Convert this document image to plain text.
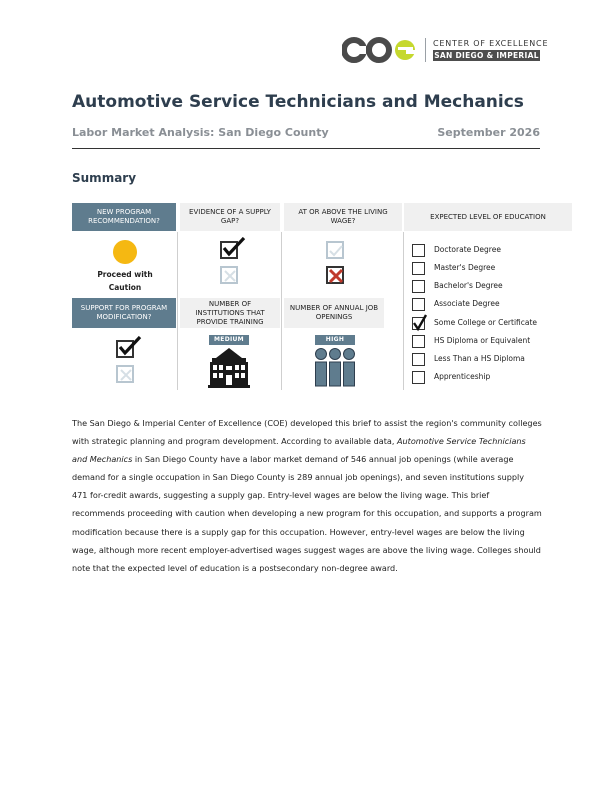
CENTER OF EXCELLENCE
SAN DIEGO & IMPERIAL
Automotive Service Technicians and Mechanics
Labor Market Analysis: San Diego County	September 2026
Summary
NEW PROGRAM RECOMMENDATION?
EVIDENCE OF A SUPPLY GAP?
AT OR ABOVE THE LIVING WAGE?
EXPECTED LEVEL OF EDUCATION
Proceed with Caution
SUPPORT FOR PROGRAM MODIFICATION?
NUMBER OF INSTITUTIONS THAT PROVIDE TRAINING
NUMBER OF ANNUAL JOB OPENINGS
MEDIUM	HIGH
Doctorate Degree
Master's Degree
Bachelor's Degree
Associate Degree
Some College or Certificate
HS Diploma or Equivalent
Less Than a HS Diploma
Apprenticeship
The San Diego & Imperial Center of Excellence (COE) developed this brief to assist the region's community colleges with strategic planning and program development. According to available data, Automotive Service Technicians and Mechanics in San Diego County have a labor market demand of 546 annual job openings (while average demand for a single occupation in San Diego County is 289 annual job openings), and seven institutions supply 471 for-credit awards, suggesting a supply gap. Entry-level wages are below the living wage. This brief recommends proceeding with caution when developing a new program for this occupation, and supports a program modification because there is a supply gap for this occupation. However, entry-level wages are below the living wage, although more recent employer-advertised wages suggest wages are above the living wage. Colleges should note that the expected level of education is a postsecondary non-degree award.
